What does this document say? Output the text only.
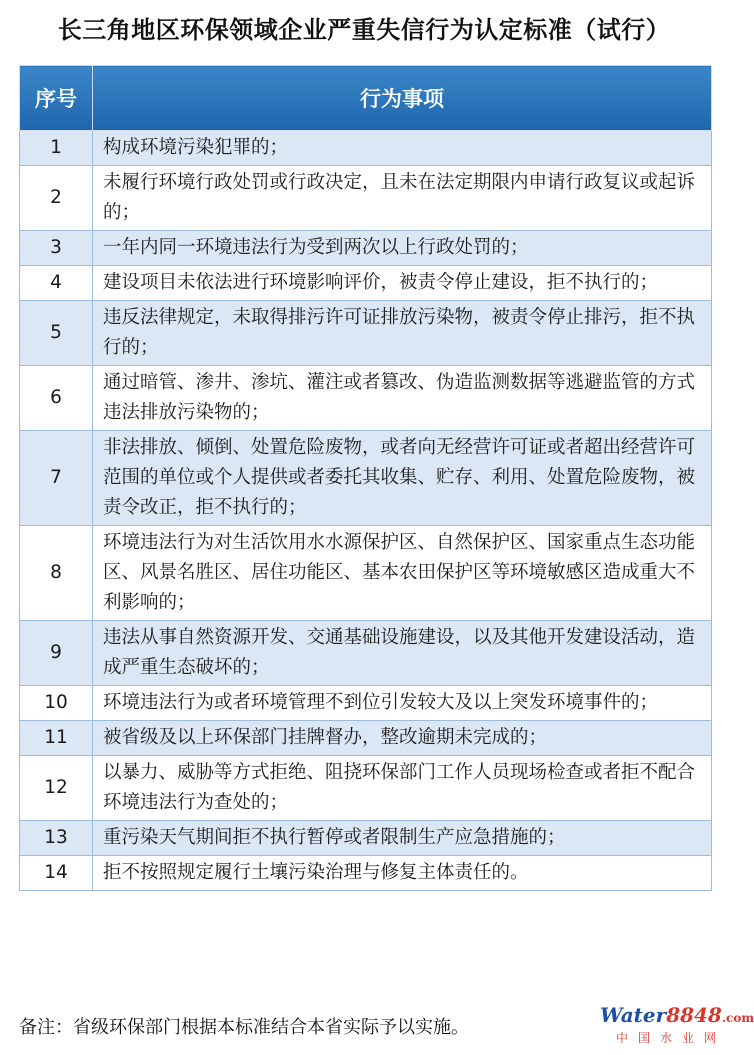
长三角地区环保领域企业严重失信行为认定标准（试行）
序号	行为事项
1	构成环境污染犯罪的；
2	未履行环境行政处罚或行政决定，且未在法定期限内申请行政复议或起诉的；
3	一年内同一环境违法行为受到两次以上行政处罚的；
4	建设项目未依法进行环境影响评价，被责令停止建设，拒不执行的；
5	违反法律规定，未取得排污许可证排放污染物，被责令停止排污，拒不执行的；
6	通过暗管、渗井、渗坑、灌注或者篡改、伪造监测数据等逃避监管的方式违法排放污染物的；
7	非法排放、倾倒、处置危险废物，或者向无经营许可证或者超出经营许可范围的单位或个人提供或者委托其收集、贮存、利用、处置危险废物，被责令改正，拒不执行的；
8	环境违法行为对生活饮用水水源保护区、自然保护区、国家重点生态功能区、风景名胜区、居住功能区、基本农田保护区等环境敏感区造成重大不利影响的；
9	违法从事自然资源开发、交通基础设施建设，以及其他开发建设活动，造成严重生态破坏的；
10	环境违法行为或者环境管理不到位引发较大及以上突发环境事件的；
11	被省级及以上环保部门挂牌督办，整改逾期未完成的；
12	以暴力、威胁等方式拒绝、阻挠环保部门工作人员现场检查或者拒不配合环境违法行为查处的；
13	重污染天气期间拒不执行暂停或者限制生产应急措施的；
14	拒不按照规定履行土壤污染治理与修复主体责任的。
备注：省级环保部门根据本标准结合本省实际予以实施。
Water8848.com
中国水业网
